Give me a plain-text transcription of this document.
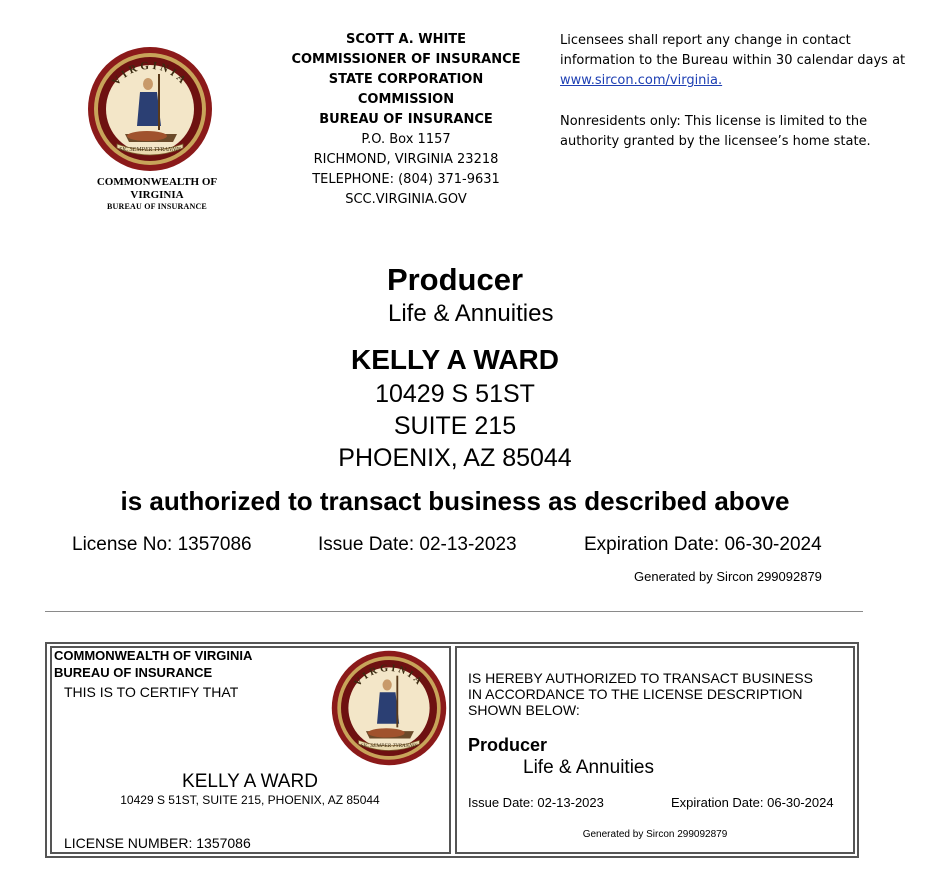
VIRGINIA
SIC SEMPER TYRANNIS
COMMONWEALTH OF
VIRGINIA
BUREAU OF INSURANCE
SCOTT A. WHITE
COMMISSIONER OF INSURANCE
STATE CORPORATION
COMMISSION
BUREAU OF INSURANCE
P.O. Box 1157
RICHMOND, VIRGINIA 23218
TELEPHONE: (804) 371-9631
SCC.VIRGINIA.GOV

Licensees shall report any change in contact
information to the Bureau within 30 calendar days at
www.sircon.com/virginia.

Nonresidents only: This license is limited to the
authority granted by the licensee’s home state.

Producer
Life & Annuities
KELLY A WARD
10429 S 51ST
SUITE 215
PHOENIX, AZ 85044
is authorized to transact business as described above
License No: 1357086	Issue Date: 02-13-2023	Expiration Date: 06-30-2024
Generated by Sircon 299092879
COMMONWEALTH OF VIRGINIA
BUREAU OF INSURANCE
THIS IS TO CERTIFY THAT
VIRGINIA
SIC SEMPER TYRANNIS
KELLY A WARD
10429 S 51ST, SUITE 215, PHOENIX, AZ 85044
LICENSE NUMBER: 1357086
IS HEREBY AUTHORIZED TO TRANSACT BUSINESS
IN ACCORDANCE TO THE LICENSE DESCRIPTION
SHOWN BELOW:
Producer
Life & Annuities
Issue Date: 02-13-2023	Expiration Date: 06-30-2024
Generated by Sircon 299092879
